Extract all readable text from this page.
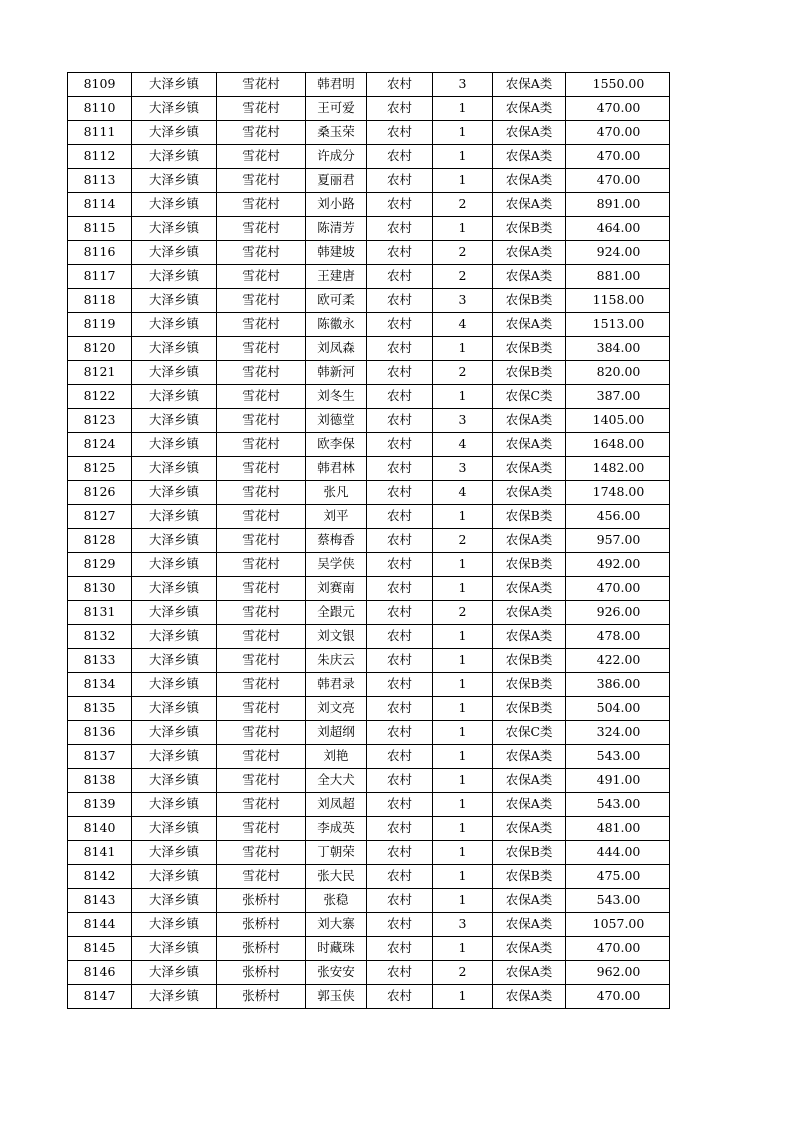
8109	大泽乡镇	雪花村	韩君明	农村	3	农保A类	1550.00
8110	大泽乡镇	雪花村	王可爱	农村	1	农保A类	470.00
8111	大泽乡镇	雪花村	桑玉荣	农村	1	农保A类	470.00
8112	大泽乡镇	雪花村	许成分	农村	1	农保A类	470.00
8113	大泽乡镇	雪花村	夏丽君	农村	1	农保A类	470.00
8114	大泽乡镇	雪花村	刘小路	农村	2	农保A类	891.00
8115	大泽乡镇	雪花村	陈清芳	农村	1	农保B类	464.00
8116	大泽乡镇	雪花村	韩建坡	农村	2	农保A类	924.00
8117	大泽乡镇	雪花村	王建唐	农村	2	农保A类	881.00
8118	大泽乡镇	雪花村	欧可柔	农村	3	农保B类	1158.00
8119	大泽乡镇	雪花村	陈徽永	农村	4	农保A类	1513.00
8120	大泽乡镇	雪花村	刘凤森	农村	1	农保B类	384.00
8121	大泽乡镇	雪花村	韩新河	农村	2	农保B类	820.00
8122	大泽乡镇	雪花村	刘冬生	农村	1	农保C类	387.00
8123	大泽乡镇	雪花村	刘德堂	农村	3	农保A类	1405.00
8124	大泽乡镇	雪花村	欧李保	农村	4	农保A类	1648.00
8125	大泽乡镇	雪花村	韩君林	农村	3	农保A类	1482.00
8126	大泽乡镇	雪花村	张凡	农村	4	农保A类	1748.00
8127	大泽乡镇	雪花村	刘平	农村	1	农保B类	456.00
8128	大泽乡镇	雪花村	蔡梅香	农村	2	农保A类	957.00
8129	大泽乡镇	雪花村	吴学侠	农村	1	农保B类	492.00
8130	大泽乡镇	雪花村	刘赛南	农村	1	农保A类	470.00
8131	大泽乡镇	雪花村	全跟元	农村	2	农保A类	926.00
8132	大泽乡镇	雪花村	刘文银	农村	1	农保A类	478.00
8133	大泽乡镇	雪花村	朱庆云	农村	1	农保B类	422.00
8134	大泽乡镇	雪花村	韩君录	农村	1	农保B类	386.00
8135	大泽乡镇	雪花村	刘文亮	农村	1	农保B类	504.00
8136	大泽乡镇	雪花村	刘超纲	农村	1	农保C类	324.00
8137	大泽乡镇	雪花村	刘艳	农村	1	农保A类	543.00
8138	大泽乡镇	雪花村	全大犬	农村	1	农保A类	491.00
8139	大泽乡镇	雪花村	刘凤超	农村	1	农保A类	543.00
8140	大泽乡镇	雪花村	李成英	农村	1	农保A类	481.00
8141	大泽乡镇	雪花村	丁朝荣	农村	1	农保B类	444.00
8142	大泽乡镇	雪花村	张大民	农村	1	农保B类	475.00
8143	大泽乡镇	张桥村	张稳	农村	1	农保A类	543.00
8144	大泽乡镇	张桥村	刘大寨	农村	3	农保A类	1057.00
8145	大泽乡镇	张桥村	时藏珠	农村	1	农保A类	470.00
8146	大泽乡镇	张桥村	张安安	农村	2	农保A类	962.00
8147	大泽乡镇	张桥村	郭玉侠	农村	1	农保A类	470.00
